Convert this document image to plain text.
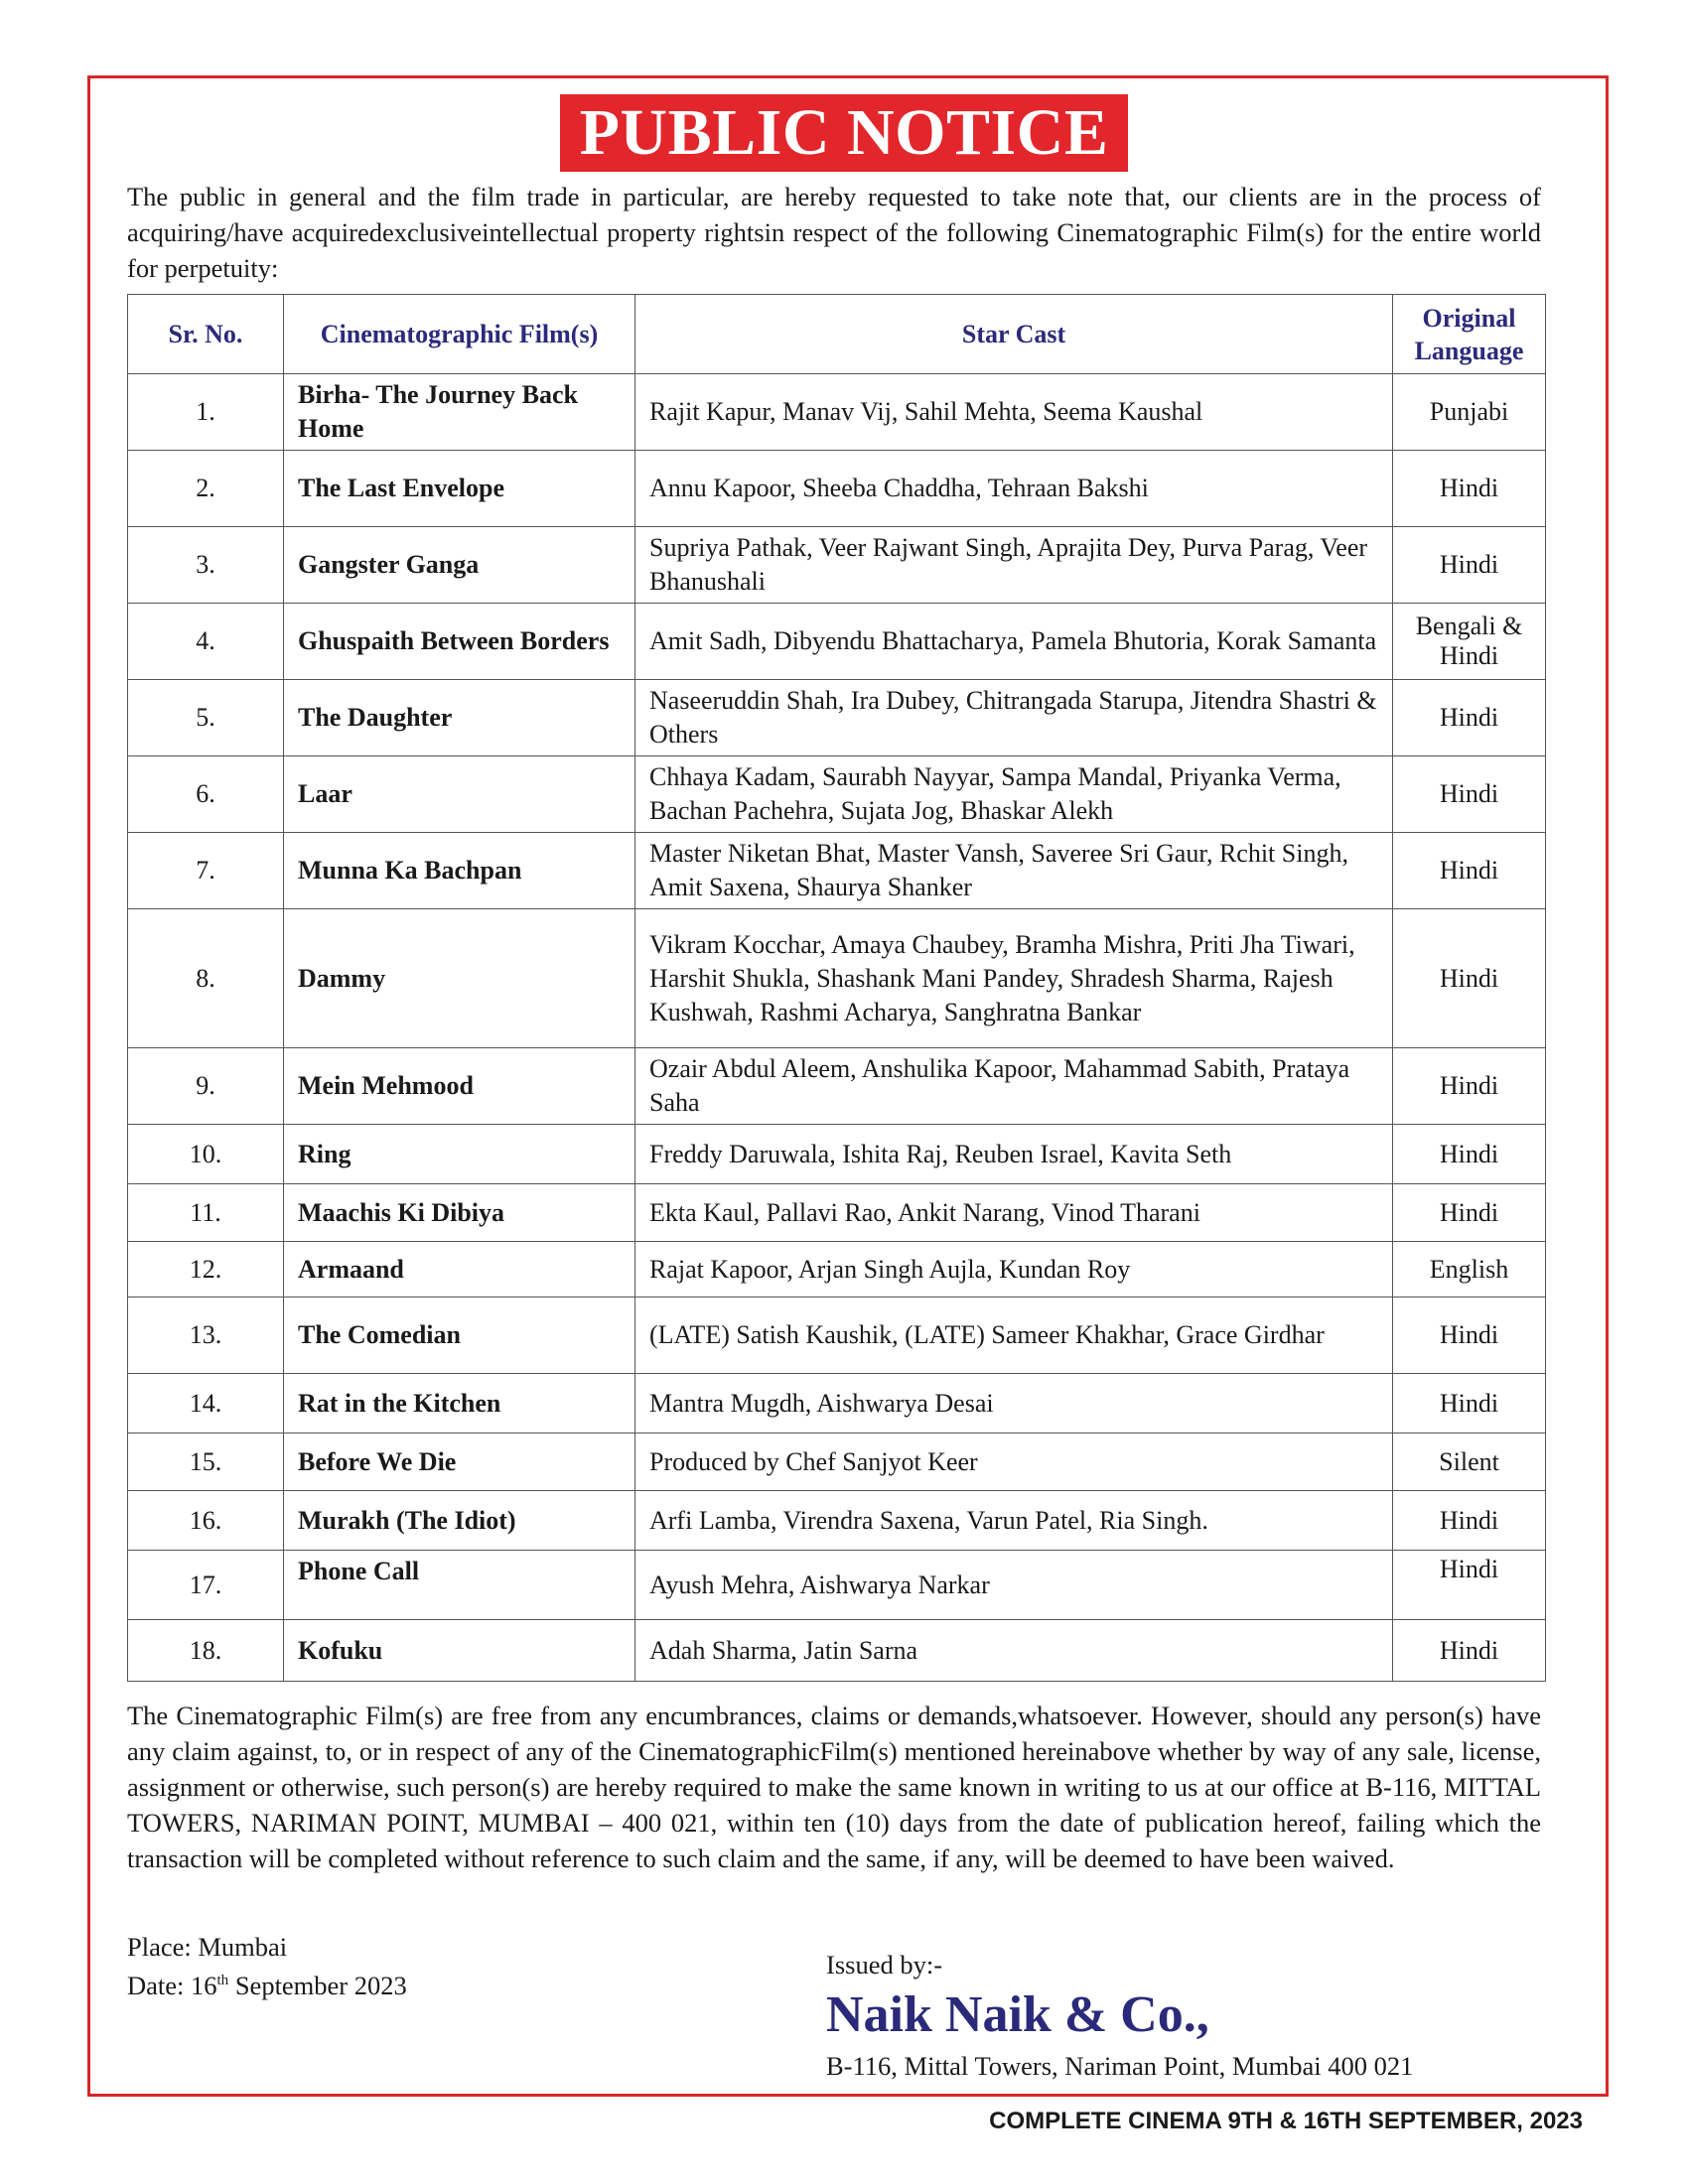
PUBLIC NOTICE

The public in general and the film trade in particular, are hereby requested to take note that, our clients are in the process of acquiring/have acquiredexclusiveintellectual property rightsin respect of the following Cinematographic Film(s) for the entire world for perpetuity:

Sr. No.	Cinematographic Film(s)	Star Cast	Original Language
1.	Birha- The Journey Back Home	Rajit Kapur, Manav Vij, Sahil Mehta, Seema Kaushal	Punjabi
2.	The Last Envelope	Annu Kapoor, Sheeba Chaddha, Tehraan Bakshi	Hindi
3.	Gangster Ganga	Supriya Pathak, Veer Rajwant Singh, Aprajita Dey, Purva Parag, Veer Bhanushali	Hindi
4.	Ghuspaith Between Borders	Amit Sadh, Dibyendu Bhattacharya, Pamela Bhutoria, Korak Samanta	Bengali & Hindi
5.	The Daughter	Naseeruddin Shah, Ira Dubey, Chitrangada Starupa, Jitendra Shastri & Others	Hindi
6.	Laar	Chhaya Kadam, Saurabh Nayyar, Sampa Mandal, Priyanka Verma, Bachan Pachehra, Sujata Jog, Bhaskar Alekh	Hindi
7.	Munna Ka Bachpan	Master Niketan Bhat, Master Vansh, Saveree Sri Gaur, Rchit Singh, Amit Saxena, Shaurya Shanker	Hindi
8.	Dammy	Vikram Kocchar, Amaya Chaubey, Bramha Mishra, Priti Jha Tiwari, Harshit Shukla, Shashank Mani Pandey, Shradesh Sharma, Rajesh Kushwah, Rashmi Acharya, Sanghratna Bankar	Hindi
9.	Mein Mehmood	Ozair Abdul Aleem, Anshulika Kapoor, Mahammad Sabith, Prataya Saha	Hindi
10.	Ring	Freddy Daruwala, Ishita Raj, Reuben Israel, Kavita Seth	Hindi
11.	Maachis Ki Dibiya	Ekta Kaul, Pallavi Rao, Ankit Narang, Vinod Tharani	Hindi
12.	Armaand	Rajat Kapoor, Arjan Singh Aujla, Kundan Roy	English
13.	The Comedian	(LATE) Satish Kaushik, (LATE) Sameer Khakhar, Grace Girdhar	Hindi
14.	Rat in the Kitchen	Mantra Mugdh, Aishwarya Desai	Hindi
15.	Before We Die	Produced by Chef Sanjyot Keer	Silent
16.	Murakh (The Idiot)	Arfi Lamba, Virendra Saxena, Varun Patel, Ria Singh.	Hindi
17.	Phone Call	Ayush Mehra, Aishwarya Narkar	Hindi
18.	Kofuku	Adah Sharma, Jatin Sarna	Hindi

The Cinematographic Film(s) are free from any encumbrances, claims or demands,whatsoever. However, should any person(s) have any claim against, to, or in respect of any of the CinematographicFilm(s) mentioned hereinabove whether by way of any sale, license, assignment or otherwise, such person(s) are hereby required to make the same known in writing to us at our office at B-116, MITTAL TOWERS, NARIMAN POINT, MUMBAI – 400 021, within ten (10) days from the date of publication hereof, failing which the transaction will be completed without reference to such claim and the same, if any, will be deemed to have been waived.

Place: Mumbai
Date: 16th September 2023
Issued by:-
Naik Naik & Co.,
B-116, Mittal Towers, Nariman Point, Mumbai 400 021
COMPLETE CINEMA 9TH & 16TH SEPTEMBER, 2023
